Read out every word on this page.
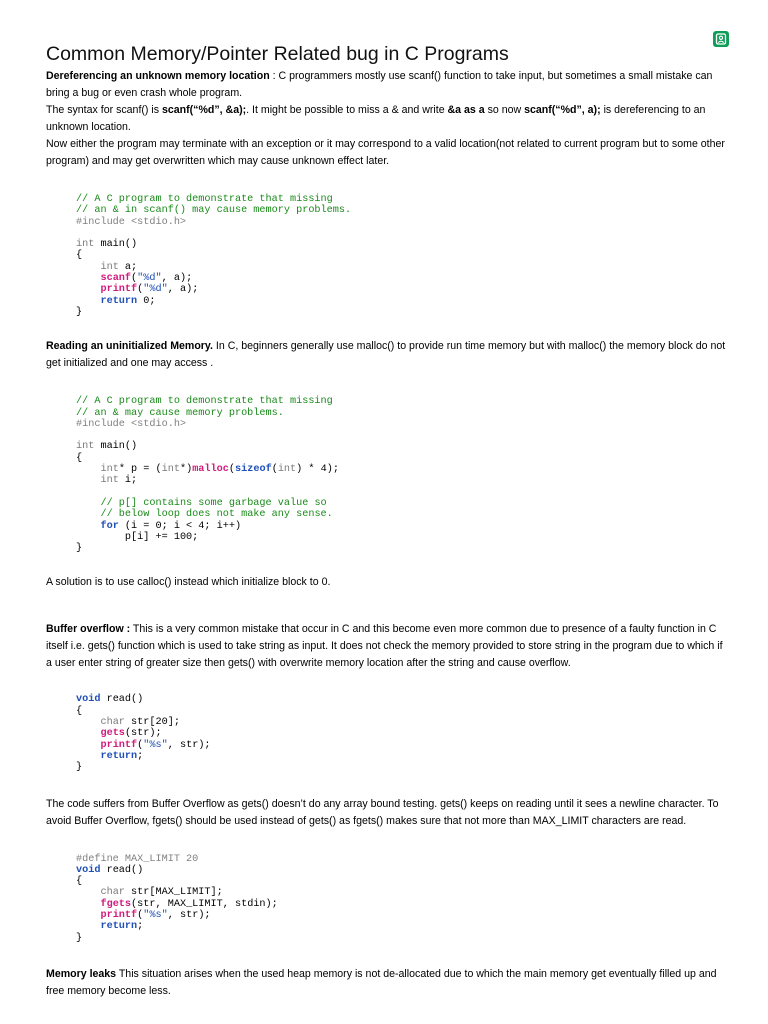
Common Memory/Pointer Related bug in C Programs

Dereferencing an unknown memory location : C programmers mostly use scanf() function to take input, but sometimes a small mistake can bring a bug or even crash whole program.

The syntax for scanf() is scanf(“%d”, &a);. It might be possible to miss a & and write &a as a so now scanf(“%d”, a); is dereferencing to an unknown location.

Now either the program may terminate with an exception or it may correspond to a valid location(not related to current program but to some other program) and may get overwritten which may cause unknown effect later.

// A C program to demonstrate that missing
// an & in scanf() may cause memory problems.
#include <stdio.h>

int main()
{
int a;
scanf("%d", a);
printf("%d", a);
return 0;
}

Reading an uninitialized Memory. In C, beginners generally use malloc() to provide run time memory but with malloc() the memory block do not get initialized and one may access .

// A C program to demonstrate that missing
// an & may cause memory problems.
#include <stdio.h>

int main()
{
int* p = (int*)malloc(sizeof(int) * 4);
int i;

// p[] contains some garbage value so
// below loop does not make any sense.
for (i = 0; i < 4; i++)
p[i] += 100;
}

A solution is to use calloc() instead which initialize block to 0.

Buffer overflow : This is a very common mistake that occur in C and this become even more common due to presence of a faulty function in C itself i.e. gets() function which is used to take string as input. It does not check the memory provided to store string in the program due to which if a user enter string of greater size then gets() with overwrite memory location after the string and cause overflow.

void read()
{
char str[20];
gets(str);
printf("%s", str);
return;
}

The code suffers from Buffer Overflow as gets() doesn’t do any array bound testing. gets() keeps on reading until it sees a newline character. To avoid Buffer Overflow, fgets() should be used instead of gets() as fgets() makes sure that not more than MAX_LIMIT characters are read.

#define MAX_LIMIT 20
void read()
{
char str[MAX_LIMIT];
fgets(str, MAX_LIMIT, stdin);
printf("%s", str);
return;
}

Memory leaks This situation arises when the used heap memory is not de-allocated due to which the main memory get eventually filled up and free memory become less.
